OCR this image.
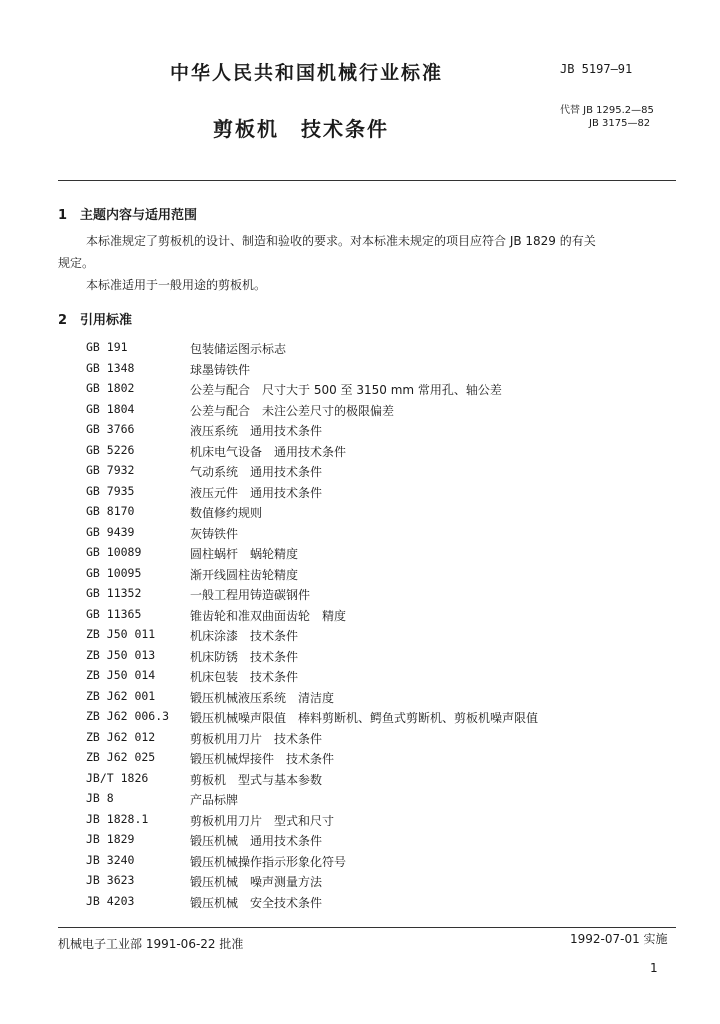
中华人民共和国机械行业标准	JB 5197—91
剪板机　技术条件
代替 JB 1295.2—85
JB 3175—82
1　主题内容与适用范围
本标准规定了剪板机的设计、制造和验收的要求。对本标准未规定的项目应符合 JB 1829 的有关
规定。
本标准适用于一般用途的剪板机。
2　引用标准
GB 191	包装储运图示标志
GB 1348	球墨铸铁件
GB 1802	公差与配合　尺寸大于 500 至 3150 mm 常用孔、轴公差
GB 1804	公差与配合　未注公差尺寸的极限偏差
GB 3766	液压系统　通用技术条件
GB 5226	机床电气设备　通用技术条件
GB 7932	气动系统　通用技术条件
GB 7935	液压元件　通用技术条件
GB 8170	数值修约规则
GB 9439	灰铸铁件
GB 10089	圆柱蜗杆　蜗轮精度
GB 10095	渐开线圆柱齿轮精度
GB 11352	一般工程用铸造碳钢件
GB 11365	锥齿轮和准双曲面齿轮　精度
ZB J50 011	机床涂漆　技术条件
ZB J50 013	机床防锈　技术条件
ZB J50 014	机床包装　技术条件
ZB J62 001	锻压机械液压系统　清洁度
ZB J62 006.3 锻压机械噪声限值　棒料剪断机、鳄鱼式剪断机、剪板机噪声限值
ZB J62 012	剪板机用刀片　技术条件
ZB J62 025	锻压机械焊接件　技术条件
JB/T 1826	剪板机　型式与基本参数
JB 8	产品标牌
JB 1828.1	剪板机用刀片　型式和尺寸
JB 1829	锻压机械　通用技术条件
JB 3240	锻压机械操作指示形象化符号
JB 3623	锻压机械　噪声测量方法
JB 4203	锻压机械　安全技术条件
机械电子工业部 1991-06-22 批准	1992-07-01 实施
1
